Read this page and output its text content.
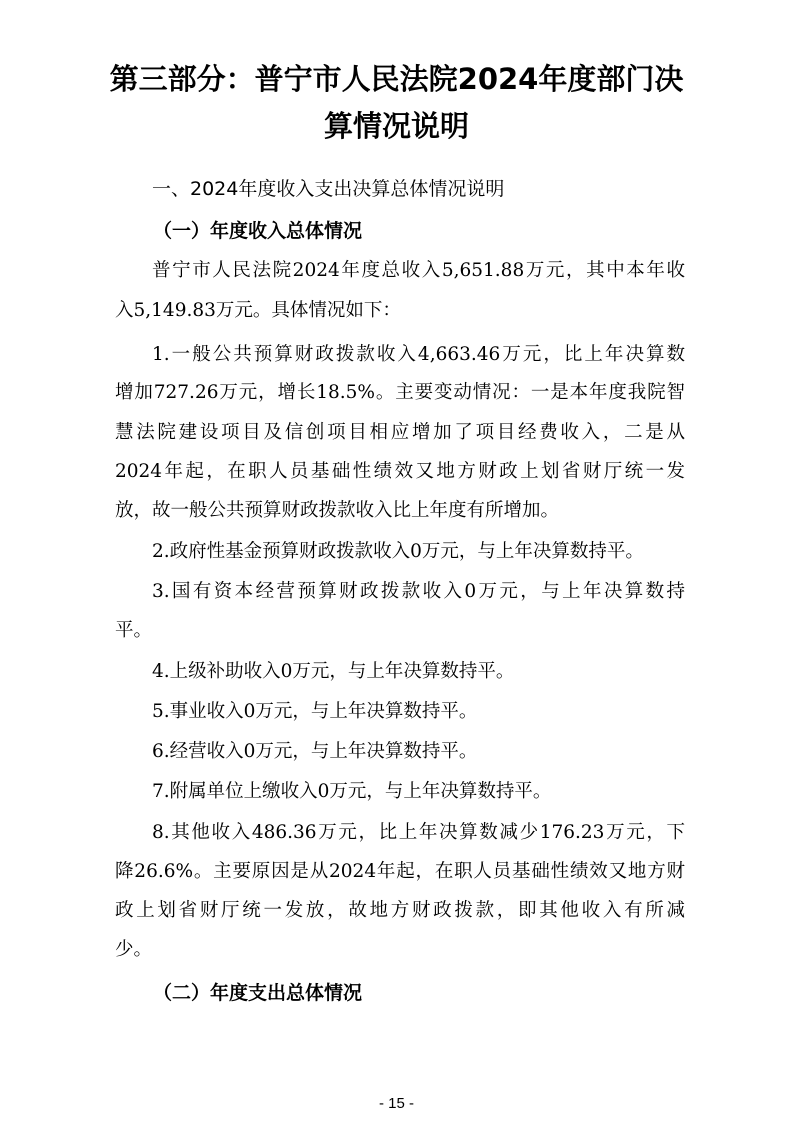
第三部分：普宁市人民法院2024年度部门决
算情况说明
一、2024年度收入支出决算总体情况说明
（一）年度收入总体情况

普宁市人民法院2024年度总收入5,651.88万元，其中本年收

入5,149.83万元。具体情况如下：

1.一般公共预算财政拨款收入4,663.46万元，比上年决算数

增加727.26万元，增长18.5%。主要变动情况：一是本年度我院智

慧法院建设项目及信创项目相应增加了项目经费收入，二是从

2024年起，在职人员基础性绩效又地方财政上划省财厅统一发

放，故一般公共预算财政拨款收入比上年度有所增加。

2.政府性基金预算财政拨款收入0万元，与上年决算数持平。

3.国有资本经营预算财政拨款收入0万元，与上年决算数持

平。

4.上级补助收入0万元，与上年决算数持平。

5.事业收入0万元，与上年决算数持平。

6.经营收入0万元，与上年决算数持平。

7.附属单位上缴收入0万元，与上年决算数持平。

8.其他收入486.36万元，比上年决算数减少176.23万元，下

降26.6%。主要原因是从2024年起，在职人员基础性绩效又地方财

政上划省财厅统一发放，故地方财政拨款，即其他收入有所减

少。

（二）年度支出总体情况
- 15 -
